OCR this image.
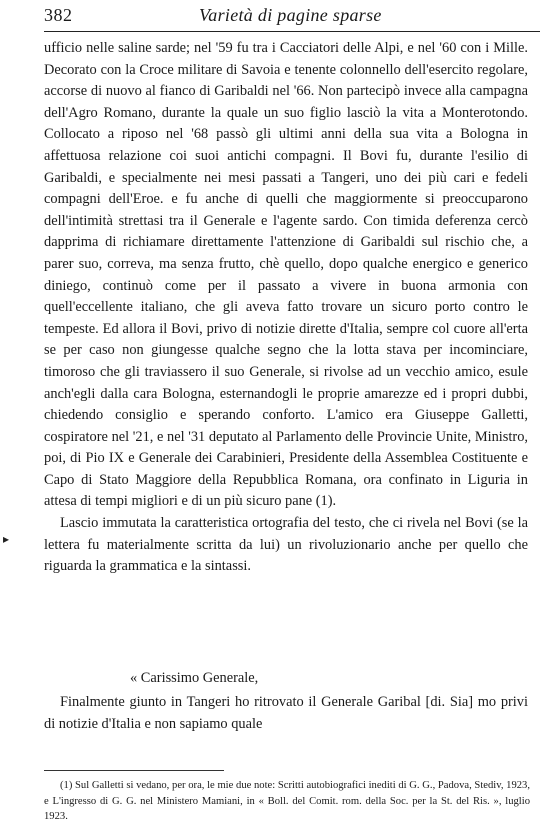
382	Varietà di pagine sparse
▸

ufficio nelle saline sarde; nel '59 fu tra i Cacciatori delle Alpi, e nel '60 con i Mille. Decorato con la Croce militare di Savoia e tenente colonnello dell'esercito regolare, accorse di nuovo al fianco di Garibaldi nel '66. Non partecipò invece alla campagna dell'Agro Romano, durante la quale un suo figlio lasciò la vita a Monterotondo. Collocato a riposo nel '68 passò gli ultimi anni della sua vita a Bologna in affettuosa relazione coi suoi antichi compagni. Il Bovi fu, durante l'esilio di Garibaldi, e specialmente nei mesi passati a Tangeri, uno dei più cari e fedeli compagni dell'Eroe. e fu anche di quelli che maggiormente si preoccuparono dell'intimità strettasi tra il Generale e l'agente sardo. Con timida deferenza cercò dapprima di richiamare direttamente l'attenzione di Garibaldi sul rischio che, a parer suo, correva, ma senza frutto, chè quello, dopo qualche energico e generico diniego, continuò come per il passato a vivere in buona armonia con quell'eccellente italiano, che gli aveva fatto trovare un sicuro porto contro le tempeste. Ed allora il Bovi, privo di notizie dirette d'Italia, sempre col cuore all'erta se per caso non giungesse qualche segno che la lotta stava per incominciare, timoroso che gli traviassero il suo Generale, si rivolse ad un vecchio amico, esule anch'egli dalla cara Bologna, esternandogli le proprie amarezze ed i propri dubbi, chiedendo consiglio e sperando conforto. L'amico era Giuseppe Galletti, cospiratore nel '21, e nel '31 deputato al Parlamento delle Provincie Unite, Ministro, poi, di Pio IX e Generale dei Carabinieri, Presidente della Assemblea Costituente e Capo di Stato Maggiore della Repubblica Romana, ora confinato in Liguria in attesa di tempi migliori e di un più sicuro pane (1).

Lascio immutata la caratteristica ortografia del testo, che ci rivela nel Bovi (se la lettera fu materialmente scritta da lui) un rivoluzionario anche per quello che riguarda la grammatica e la sintassi.

« Carissimo Generale,
Finalmente giunto in Tangeri ho ritrovato il Generale Garibal [di. Sia] mo privi di notizie d'Italia e non sapiamo quale
(1) Sul Galletti si vedano, per ora, le mie due note: Scritti autobiografici inediti di G. G., Padova, Stediv, 1923, e L'ingresso di G. G. nel Ministero Mamiani, in « Boll. del Comit. rom. della Soc. per la St. del Ris. », luglio 1923.
